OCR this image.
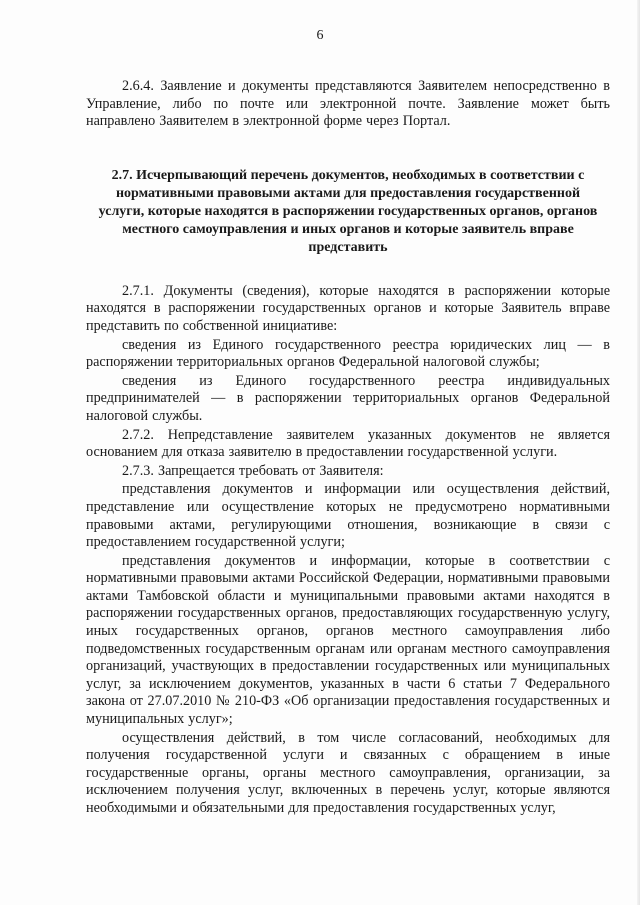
6

2.6.4. Заявление и документы представляются Заявителем непосредственно в Управление, либо по почте или электронной почте. Заявление может быть направлено Заявителем в электронной форме через Портал.

2.7. Исчерпывающий перечень документов, необходимых в соответствии с нормативными правовыми актами для предоставления государственной услуги, которые находятся в распоряжении государственных органов, органов местного самоуправления и иных органов и которые заявитель вправе представить

2.7.1. Документы (сведения), которые находятся в распоряжении которые находятся в распоряжении государственных органов и которые Заявитель вправе представить по собственной инициативе:

сведения из Единого государственного реестра юридических лиц — в распоряжении территориальных органов Федеральной налоговой службы;

сведения из Единого государственного реестра индивидуальных предпринимателей — в распоряжении территориальных органов Федеральной налоговой службы.

2.7.2. Непредставление заявителем указанных документов не является основанием для отказа заявителю в предоставлении государственной услуги.

2.7.3. Запрещается требовать от Заявителя:

представления документов и информации или осуществления действий, представление или осуществление которых не предусмотрено нормативными правовыми актами, регулирующими отношения, возникающие в связи с предоставлением государственной услуги;

представления документов и информации, которые в соответствии с нормативными правовыми актами Российской Федерации, нормативными правовыми актами Тамбовской области и муниципальными правовыми актами находятся в распоряжении государственных органов, предоставляющих государственную услугу, иных государственных органов, органов местного самоуправления либо подведомственных государственным органам или органам местного самоуправления организаций, участвующих в предоставлении государственных или муниципальных услуг, за исключением документов, указанных в части 6 статьи 7 Федерального закона от 27.07.2010 № 210-ФЗ «Об организации предоставления государственных и муниципальных услуг»;

осуществления действий, в том числе согласований, необходимых для получения государственной услуги и связанных с обращением в иные государственные органы, органы местного самоуправления, организации, за исключением получения услуг, включенных в перечень услуг, которые являются необходимыми и обязательными для предоставления государственных услуг,
